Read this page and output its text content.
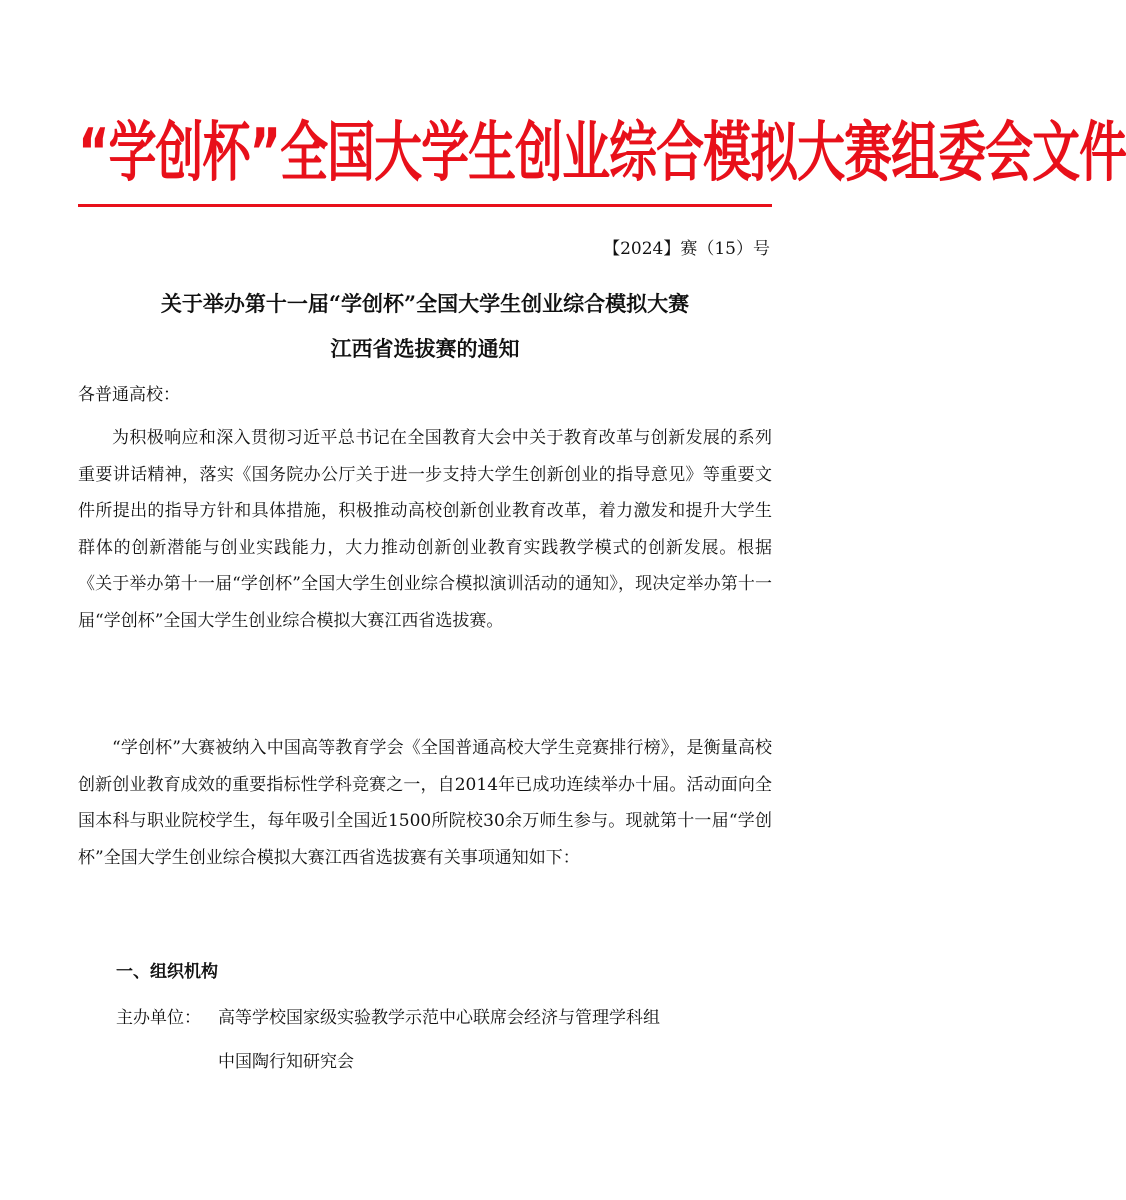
“学创杯”全国大学生创业综合模拟大赛组委会文件
【2024】赛（15）号
关于举办第十一届“学创杯”全国大学生创业综合模拟大赛
江西省选拔赛的通知
各普通高校：

为积极响应和深入贯彻习近平总书记在全国教育大会中关于教育改革与创新发展的系列重要讲话精神，落实《国务院办公厅关于进一步支持大学生创新创业的指导意见》等重要文件所提出的指导方针和具体措施，积极推动高校创新创业教育改革，着力激发和提升大学生群体的创新潜能与创业实践能力，大力推动创新创业教育实践教学模式的创新发展。根据《关于举办第十一届“学创杯”全国大学生创业综合模拟演训活动的通知》，现决定举办第十一届“学创杯”全国大学生创业综合模拟大赛江西省选拔赛。

“学创杯”大赛被纳入中国高等教育学会《全国普通高校大学生竞赛排行榜》，是衡量高校创新创业教育成效的重要指标性学科竞赛之一，自2014年已成功连续举办十届。活动面向全国本科与职业院校学生，每年吸引全国近1500所院校30余万师生参与。现就第十一届“学创杯”全国大学生创业综合模拟大赛江西省选拔赛有关事项通知如下：

一、组织机构
主办单位： 高等学校国家级实验教学示范中心联席会经济与管理学科组
中国陶行知研究会
